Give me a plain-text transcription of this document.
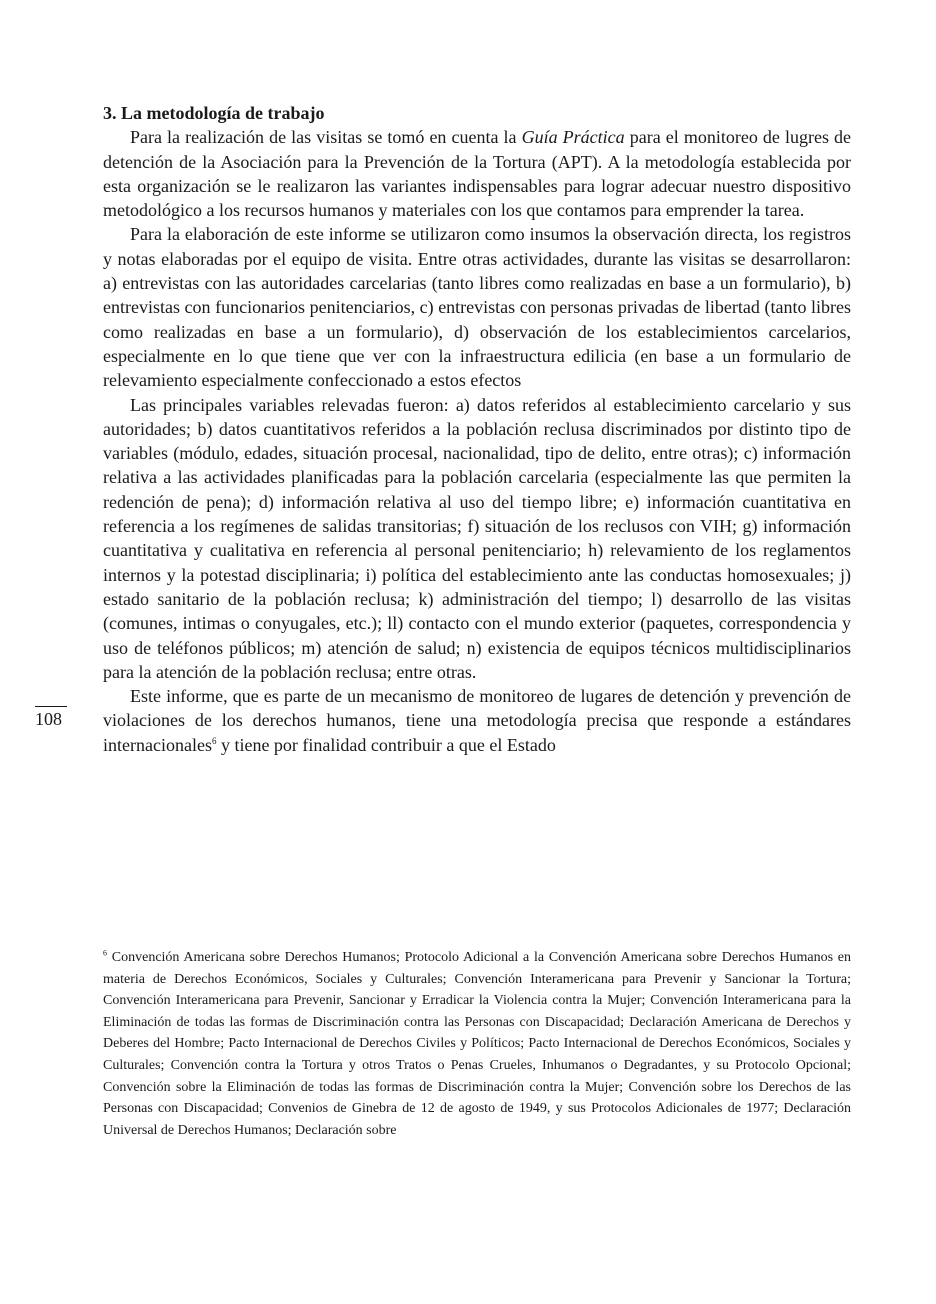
3. La metodología de trabajo

Para la realización de las visitas se tomó en cuenta la Guía Práctica para el monitoreo de lugres de detención de la Asociación para la Prevención de la Tortura (APT). A la metodología establecida por esta organización se le realizaron las variantes indispensables para lograr adecuar nuestro dispositivo metodológico a los recursos humanos y materiales con los que contamos para emprender la tarea.

Para la elaboración de este informe se utilizaron como insumos la observación directa, los registros y notas elaboradas por el equipo de visita. Entre otras actividades, durante las visitas se desarrollaron: a) entrevistas con las autoridades carcelarias (tanto libres como realizadas en base a un formulario), b) entrevistas con funcionarios penitenciarios, c) entrevistas con personas privadas de libertad (tanto libres como realizadas en base a un formulario), d) observación de los establecimientos carcelarios, especialmente en lo que tiene que ver con la infraestructura edilicia (en base a un formulario de relevamiento especialmente confeccionado a estos efectos

Las principales variables relevadas fueron: a) datos referidos al establecimiento carcelario y sus autoridades; b) datos cuantitativos referidos a la población reclusa discriminados por distinto tipo de variables (módulo, edades, situación procesal, nacionalidad, tipo de delito, entre otras); c) información relativa a las actividades planificadas para la población carcelaria (especialmente las que permiten la redención de pena); d) información relativa al uso del tiempo libre; e) información cuantitativa en referencia a los regímenes de salidas transitorias; f) situación de los reclusos con VIH; g) información cuantitativa y cualitativa en referencia al personal penitenciario; h) relevamiento de los reglamentos internos y la potestad disciplinaria; i) política del establecimiento ante las conductas homosexuales; j) estado sanitario de la población reclusa; k) administración del tiempo; l) desarrollo de las visitas (comunes, intimas o conyugales, etc.); ll) contacto con el mundo exterior (paquetes, correspondencia y uso de teléfonos públicos; m) atención de salud; n) existencia de equipos técnicos multidisciplinarios para la atención de la población reclusa; entre otras.

Este informe, que es parte de un mecanismo de monitoreo de lugares de detención y prevención de violaciones de los derechos humanos, tiene una metodología precisa que responde a estándares internacionales$^6$ y tiene por finalidad contribuir a que el Estado

108

$^6$ Convención Americana sobre Derechos Humanos; Protocolo Adicional a la Convención Americana sobre Derechos Humanos en materia de Derechos Económicos, Sociales y Culturales; Convención Interamericana para Prevenir y Sancionar la Tortura; Convención Interamericana para Prevenir, Sancionar y Erradicar la Violencia contra la Mujer; Convención Interamericana para la Eliminación de todas las formas de Discriminación contra las Personas con Discapacidad; Declaración Americana de Derechos y Deberes del Hombre; Pacto Internacional de Derechos Civiles y Políticos; Pacto Internacional de Derechos Económicos, Sociales y Culturales; Convención contra la Tortura y otros Tratos o Penas Crueles, Inhumanos o Degradantes, y su Protocolo Opcional; Convención sobre la Eliminación de todas las formas de Discriminación contra la Mujer; Convención sobre los Derechos de las Personas con Discapacidad; Convenios de Ginebra de 12 de agosto de 1949, y sus Protocolos Adicionales de 1977; Declaración Universal de Derechos Humanos; Declaración sobre
